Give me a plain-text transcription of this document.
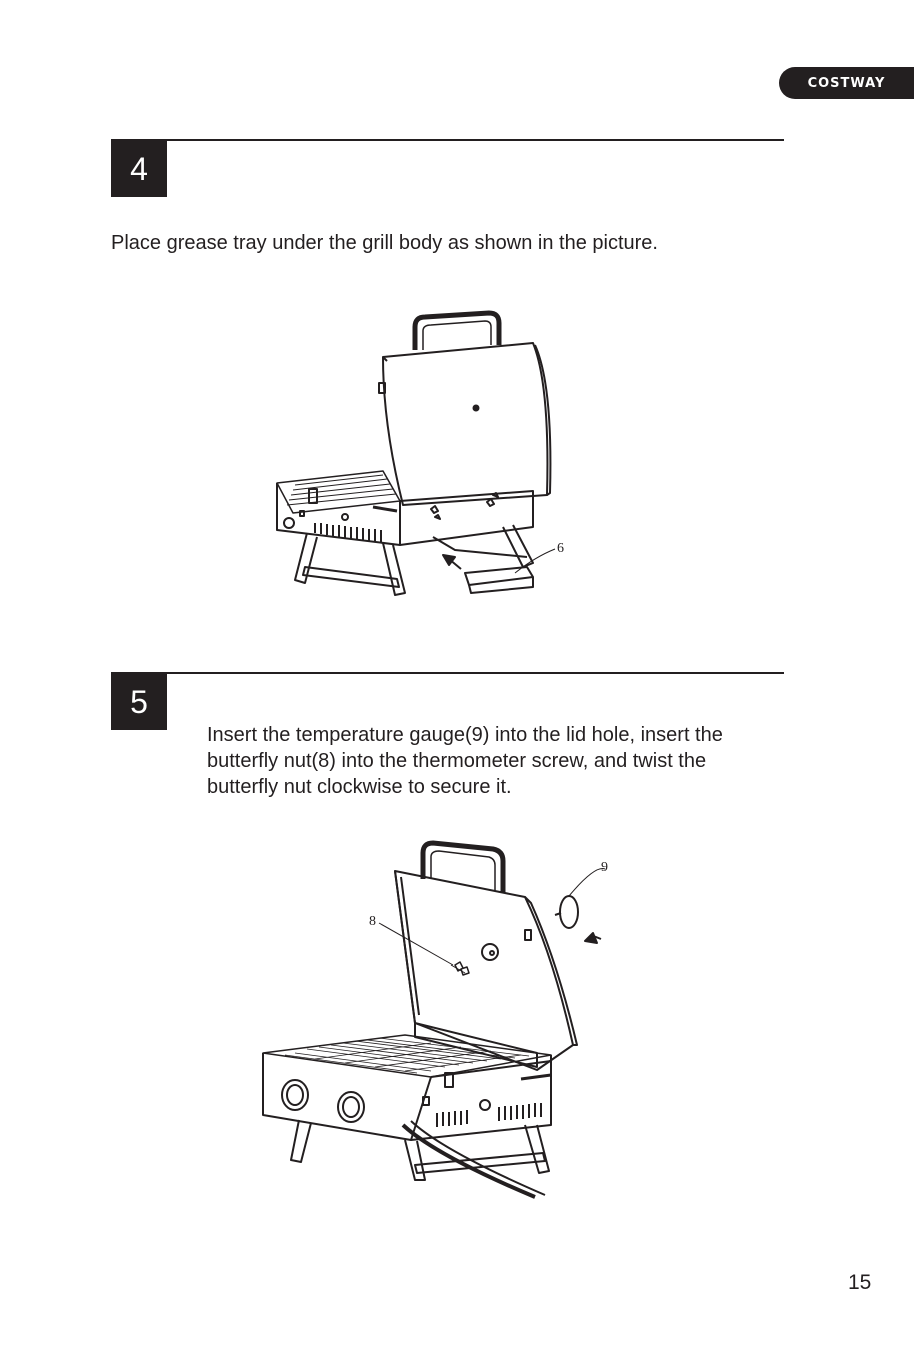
COSTWAY
4
Place grease tray under the grill body as shown in the picture.
6
5
Insert the temperature gauge(9) into the lid hole, insert the
butterfly nut(8) into the thermometer screw, and twist the
butterfly nut clockwise to secure it.
8
9
15
